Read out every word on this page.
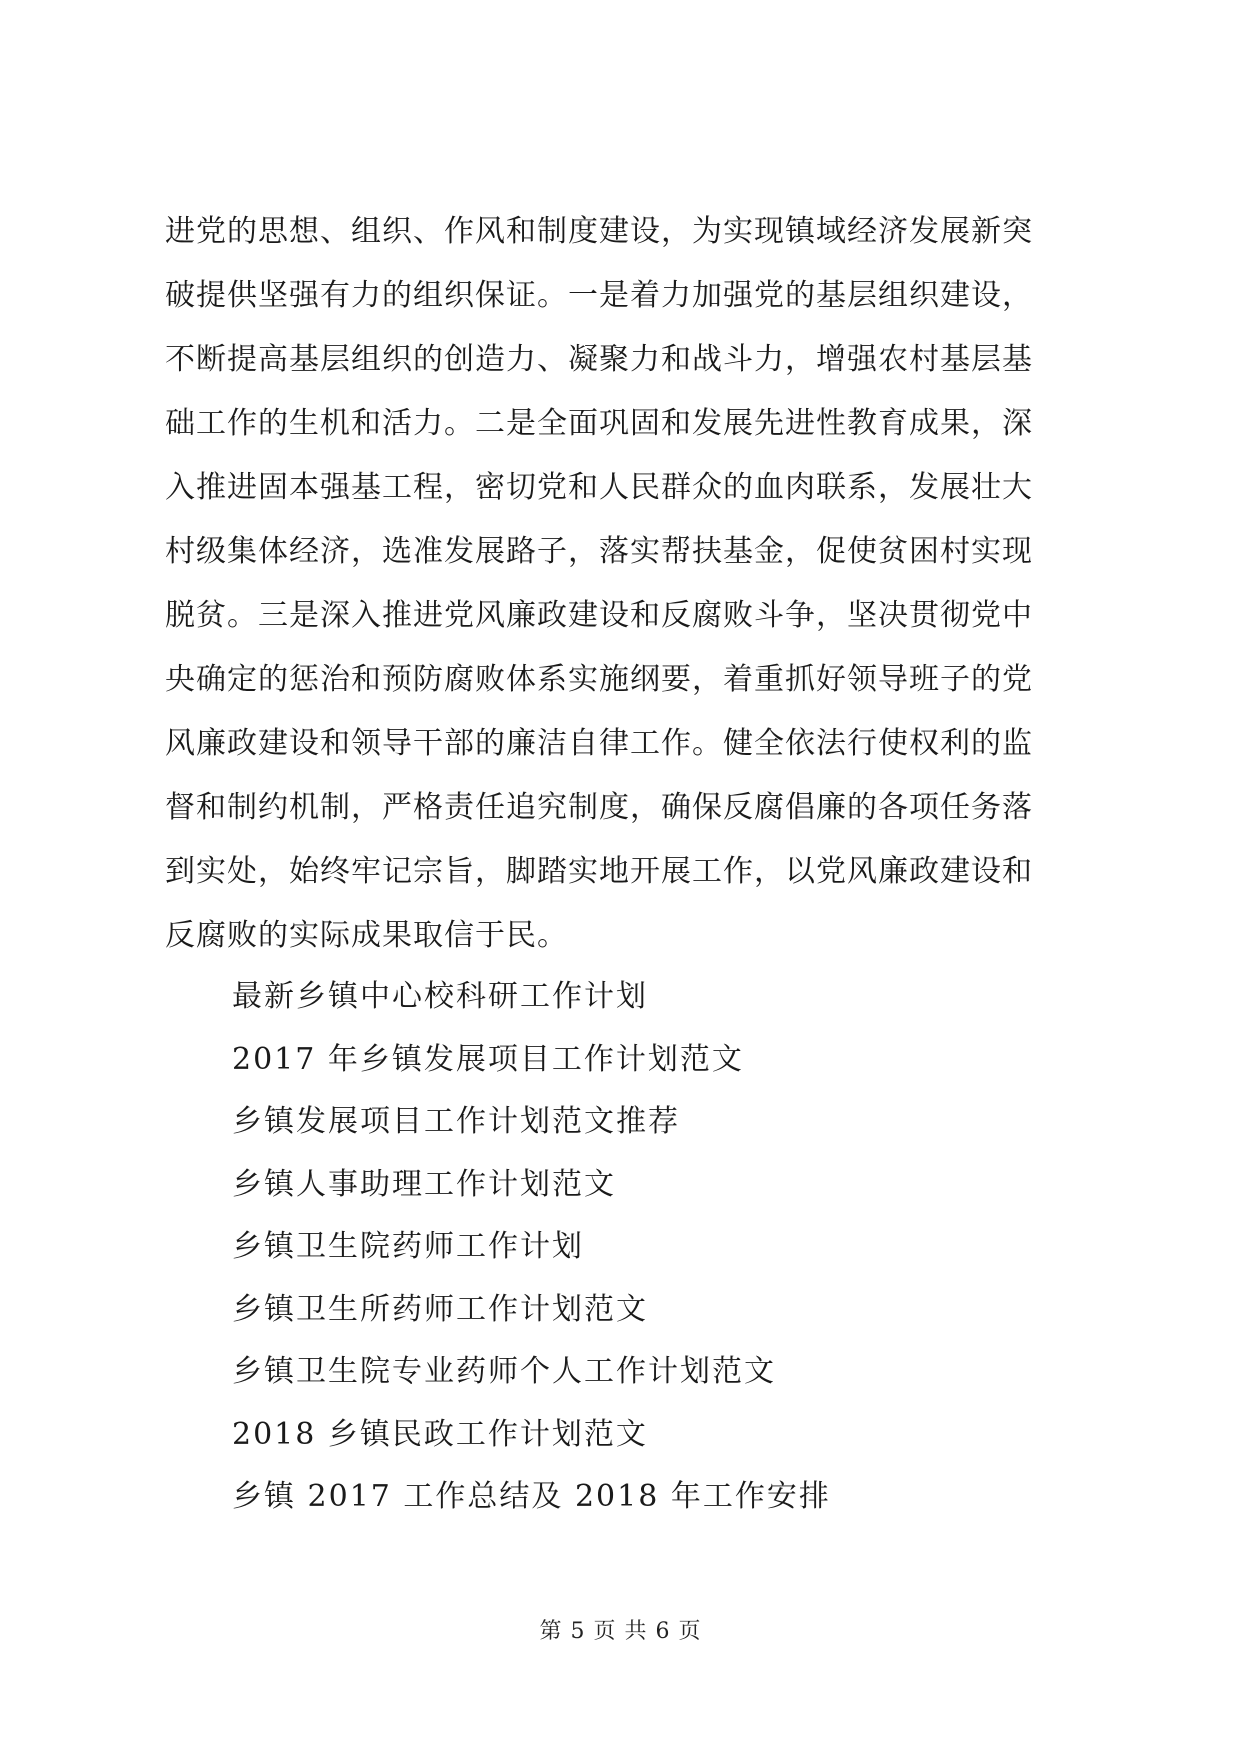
进党的思想、组织、作风和制度建设，为实现镇域经济发展新突
破提供坚强有力的组织保证。一是着力加强党的基层组织建设，
不断提高基层组织的创造力、凝聚力和战斗力，增强农村基层基
础工作的生机和活力。二是全面巩固和发展先进性教育成果，深
入推进固本强基工程，密切党和人民群众的血肉联系，发展壮大
村级集体经济，选准发展路子，落实帮扶基金，促使贫困村实现
脱贫。三是深入推进党风廉政建设和反腐败斗争，坚决贯彻党中
央确定的惩治和预防腐败体系实施纲要，着重抓好领导班子的党
风廉政建设和领导干部的廉洁自律工作。健全依法行使权利的监
督和制约机制，严格责任追究制度，确保反腐倡廉的各项任务落
到实处，始终牢记宗旨，脚踏实地开展工作，以党风廉政建设和
反腐败的实际成果取信于民。
最新乡镇中心校科研工作计划
2017 年乡镇发展项目工作计划范文
乡镇发展项目工作计划范文推荐
乡镇人事助理工作计划范文
乡镇卫生院药师工作计划
乡镇卫生所药师工作计划范文
乡镇卫生院专业药师个人工作计划范文
2018 乡镇民政工作计划范文
乡镇 2017 工作总结及 2018 年工作安排
第 5 页 共 6 页
